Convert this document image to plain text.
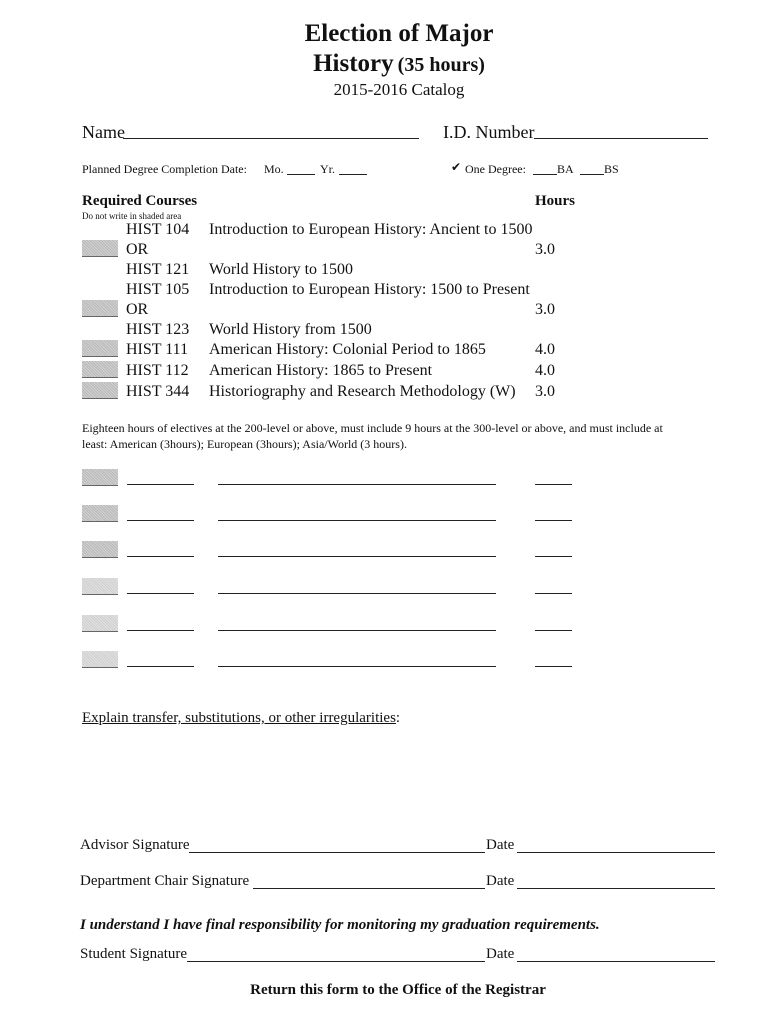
Election of Major
History (35 hours)
2015-2016 Catalog
Name	I.D. Number
Planned Degree Completion Date: Mo.	Yr.	✔ One Degree:	BA	BS
Required Courses
Do not write in shaded area
Hours
HIST 104 Introduction to European History: Ancient to 1500
OR	3.0
HIST 121 World History to 1500
HIST 105 Introduction to European History: 1500 to Present
OR	3.0
HIST 123 World History from 1500
HIST 111 American History: Colonial Period to 1865	4.0
HIST 112 American History: 1865 to Present	4.0
HIST 344 Historiography and Research Methodology (W) 3.0
Eighteen hours of electives at the 200-level or above, must include 9 hours at the 300-level or above, and must include at
least: American (3hours); European (3hours); Asia/World (3 hours).
Explain transfer, substitutions, or other irregularities:
Advisor Signature	Date
Department Chair Signature	Date
I understand I have final responsibility for monitoring my graduation requirements.
Student Signature	Date
Return this form to the Office of the Registrar
